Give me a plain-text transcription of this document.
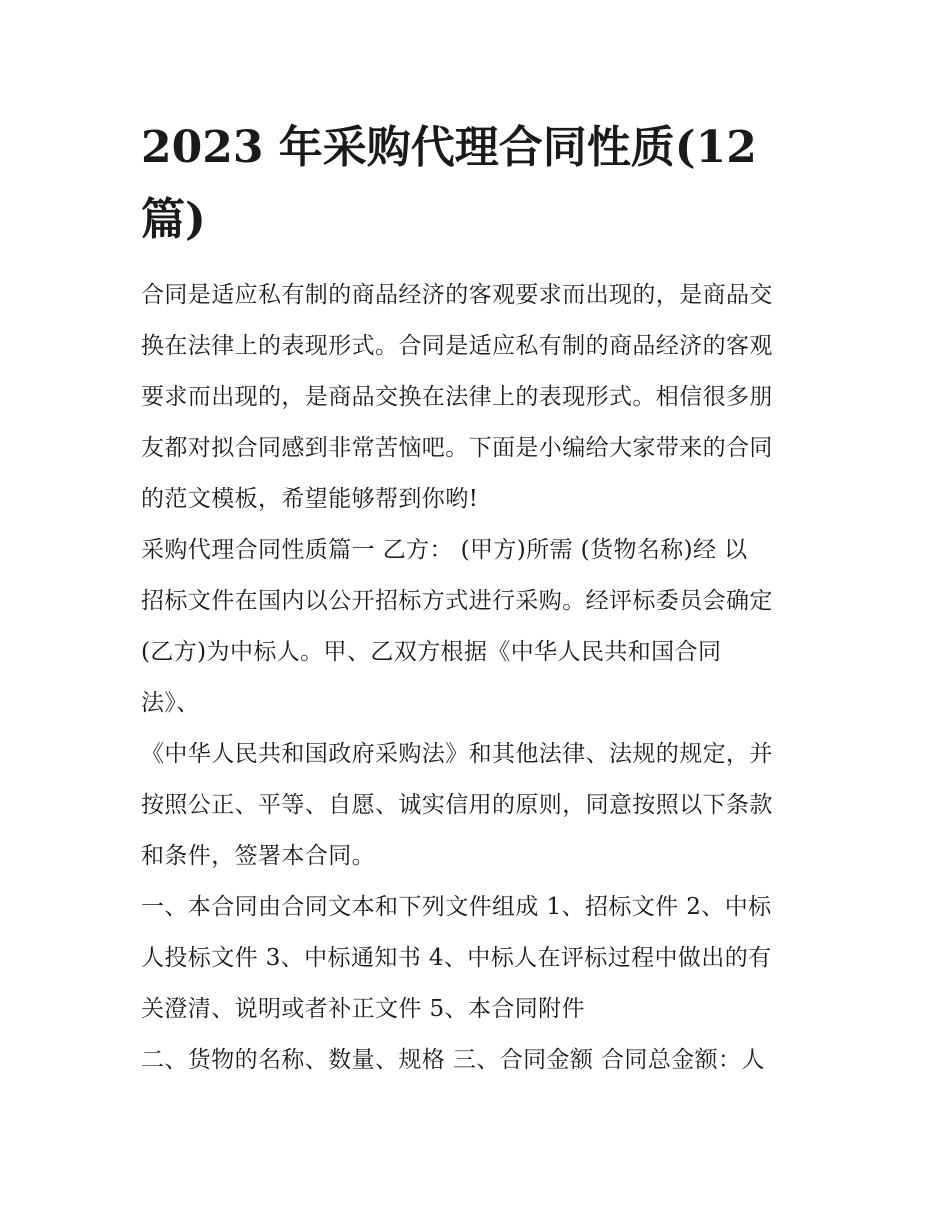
2023 年采购代理合同性质(12
篇)
合同是适应私有制的商品经济的客观要求而出现的，是商品交
换在法律上的表现形式。合同是适应私有制的商品经济的客观
要求而出现的，是商品交换在法律上的表现形式。相信很多朋
友都对拟合同感到非常苦恼吧。下面是小编给大家带来的合同
的范文模板，希望能够帮到你哟!
采购代理合同性质篇一 乙方： (甲方)所需 (货物名称)经 以
招标文件在国内以公开招标方式进行采购。经评标委员会确定
(乙方)为中标人。甲、乙双方根据《中华人民共和国合同
法》、
《中华人民共和国政府采购法》和其他法律、法规的规定，并
按照公正、平等、自愿、诚实信用的原则，同意按照以下条款
和条件，签署本合同。
一、本合同由合同文本和下列文件组成 1、招标文件 2、中标
人投标文件 3、中标通知书 4、中标人在评标过程中做出的有
关澄清、说明或者补正文件 5、本合同附件
二、货物的名称、数量、规格 三、合同金额 合同总金额：人
